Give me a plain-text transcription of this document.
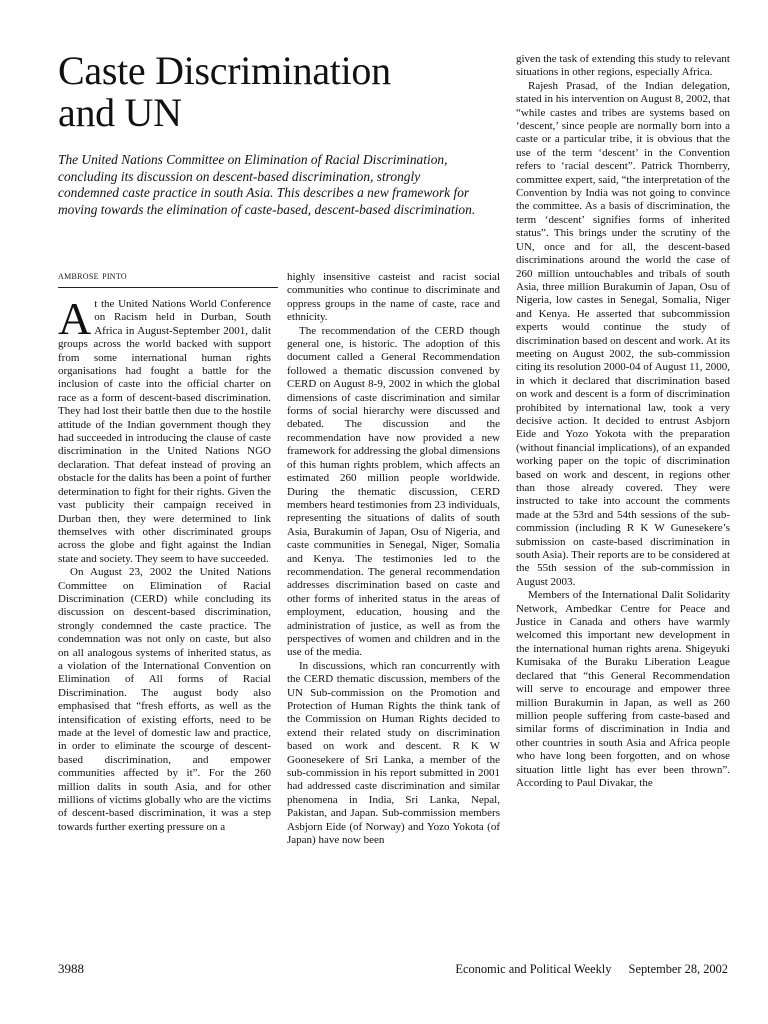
Caste Discrimination
and UN

The United Nations Committee on Elimination of Racial Discrimination, concluding its discussion on descent-based discrimination, strongly condemned caste practice in south Asia. This describes a new framework for moving towards the elimination of caste-based, descent-based discrimination.

ambrose pinto

At the United Nations World Conference on Racism held in Durban, South Africa in August-September 2001, dalit groups across the world backed with support from some international human rights organisations had fought a battle for the inclusion of caste into the official charter on race as a form of descent-based discrimination. They had lost their battle then due to the hostile attitude of the Indian government though they had succeeded in introducing the clause of caste discrimination in the United Nations NGO declaration. That defeat instead of proving an obstacle for the dalits has been a point of further determination to fight for their rights. Given the vast publicity their campaign received in Durban then, they were determined to link themselves with other discriminated groups across the globe and fight against the Indian state and society. They seem to have succeeded.

On August 23, 2002 the United Nations Committee on Elimination of Racial Discrimination (CERD) while concluding its discussion on descent-based discrimination, strongly condemned the caste practice. The condemnation was not only on caste, but also on all analogous systems of inherited status, as a violation of the International Convention on Elimination of All forms of Racial Discrimination. The august body also emphasised that “fresh efforts, as well as the intensification of existing efforts, need to be made at the level of domestic law and practice, in order to eliminate the scourge of descent-based discrimination, and empower communities affected by it”. For the 260 million dalits in south Asia, and for other millions of victims globally who are the victims of descent-based discrimination, it was a step towards further exerting pressure on a

highly insensitive casteist and racist social communities who continue to discriminate and oppress groups in the name of caste, race and ethnicity.

The recommendation of the CERD though general one, is historic. The adoption of this document called a General Recommendation followed a thematic discussion convened by CERD on August 8-9, 2002 in which the global dimensions of caste discrimination and similar forms of social hierarchy were discussed and debated. The discussion and the recommendation have now provided a new framework for addressing the global dimensions of this human rights problem, which affects an estimated 260 million people worldwide. During the thematic discussion, CERD members heard testimonies from 23 individuals, representing the situations of dalits of south Asia, Burakumin of Japan, Osu of Nigeria, and caste communities in Senegal, Niger, Somalia and Kenya. The testimonies led to the recommendation. The general recommendation addresses discrimination based on caste and other forms of inherited status in the areas of employment, education, housing and the administration of justice, as well as from the perspectives of women and children and in the use of the media.

In discussions, which ran concurrently with the CERD thematic discussion, members of the UN Sub-commission on the Promotion and Protection of Human Rights the think tank of the Commission on Human Rights decided to extend their related study on discrimination based on work and descent. R K W Goonesekere of Sri Lanka, a member of the sub-commission in his report submitted in 2001 had addressed caste discrimination and similar phenomena in India, Sri Lanka, Nepal, Pakistan, and Japan. Sub-commission members Asbjorn Eide (of Norway) and Yozo Yokota (of Japan) have now been

given the task of extending this study to relevant situations in other regions, especially Africa.

Rajesh Prasad, of the Indian delegation, stated in his intervention on August 8, 2002, that “while castes and tribes are systems based on ‘descent,’ since people are normally born into a caste or a particular tribe, it is obvious that the use of the term ‘descent’ in the Convention refers to ‘racial descent”. Patrick Thornberry, committee expert, said, “the interpretation of the Convention by India was not going to convince the committee. As a basis of discrimination, the term ‘descent’ signifies forms of inherited status”. This brings under the scrutiny of the UN, once and for all, the descent-based discriminations around the world the case of 260 million untouchables and tribals of south Asia, three million Burakumin of Japan, Osu of Nigeria, low castes in Senegal, Somalia, Niger and Kenya. He asserted that subcommission experts would continue the study of discrimination based on descent and work. At its meeting on August 2002, the sub-commission citing its resolution 2000-04 of August 11, 2000, in which it declared that discrimination based on work and descent is a form of discrimination prohibited by international law, took a very decisive action. It decided to entrust Asbjorn Eide and Yozo Yokota with the preparation (without financial implications), of an expanded working paper on the topic of discrimination based on work and descent, in regions other than those already covered. They were instructed to take into account the comments made at the 53rd and 54th sessions of the sub-commission (including R K W Gunesekere’s submission on caste-based discrimination in south Asia). Their reports are to be considered at the 55th session of the sub-commission in August 2003.

Members of the International Dalit Solidarity Network, Ambedkar Centre for Peace and Justice in Canada and others have warmly welcomed this important new development in the international human rights arena. Shigeyuki Kumisaka of the Buraku Liberation League declared that “this General Recommendation will serve to encourage and empower three million Burakumin in Japan, as well as 260 million people suffering from caste-based and similar forms of discrimination in India and other countries in south Asia and Africa people who have long been forgotten, and on whose situation little light has ever been thrown”. According to Paul Divakar, the

3988	Economic and Political Weekly September 28, 2002
